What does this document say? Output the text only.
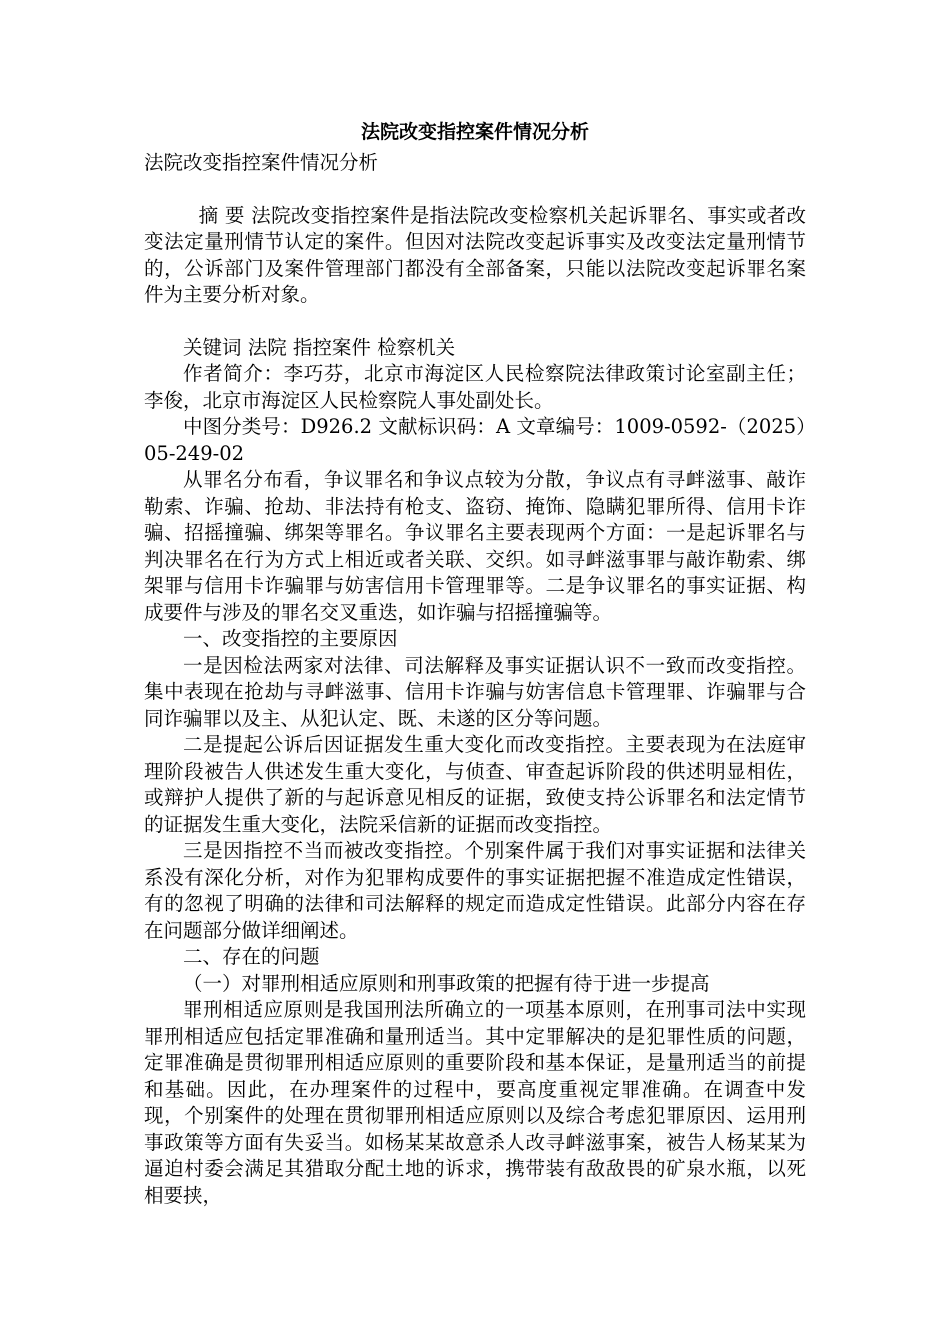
法院改变指控案件情况分析

法院改变指控案件情况分析

摘 要 法院改变指控案件是指法院改变检察机关起诉罪名、事实或者改变法定量刑情节认定的案件。但因对法院改变起诉事实及改变法定量刑情节的，公诉部门及案件管理部门都没有全部备案，只能以法院改变起诉罪名案件为主要分析对象。

关键词 法院 指控案件 检察机关

作者简介：李巧芬，北京市海淀区人民检察院法律政策讨论室副主任；李俊，北京市海淀区人民检察院人事处副处长。

中图分类号：D926.2 文献标识码：A 文章编号：1009-0592-（2025）05-249-02

从罪名分布看，争议罪名和争议点较为分散，争议点有寻衅滋事、敲诈勒索、诈骗、抢劫、非法持有枪支、盗窃、掩饰、隐瞒犯罪所得、信用卡诈骗、招摇撞骗、绑架等罪名。争议罪名主要表现两个方面：一是起诉罪名与判决罪名在行为方式上相近或者关联、交织。如寻衅滋事罪与敲诈勒索、绑架罪与信用卡诈骗罪与妨害信用卡管理罪等。二是争议罪名的事实证据、构成要件与涉及的罪名交叉重迭，如诈骗与招摇撞骗等。

一、改变指控的主要原因

一是因检法两家对法律、司法解释及事实证据认识不一致而改变指控。集中表现在抢劫与寻衅滋事、信用卡诈骗与妨害信息卡管理罪、诈骗罪与合同诈骗罪以及主、从犯认定、既、未遂的区分等问题。

二是提起公诉后因证据发生重大变化而改变指控。主要表现为在法庭审理阶段被告人供述发生重大变化，与侦查、审查起诉阶段的供述明显相佐，或辩护人提供了新的与起诉意见相反的证据，致使支持公诉罪名和法定情节的证据发生重大变化，法院采信新的证据而改变指控。

三是因指控不当而被改变指控。个别案件属于我们对事实证据和法律关系没有深化分析，对作为犯罪构成要件的事实证据把握不准造成定性错误，有的忽视了明确的法律和司法解释的规定而造成定性错误。此部分内容在存在问题部分做详细阐述。

二、存在的问题

（一）对罪刑相适应原则和刑事政策的把握有待于进一步提高

罪刑相适应原则是我国刑法所确立的一项基本原则，在刑事司法中实现罪刑相适应包括定罪准确和量刑适当。其中定罪解决的是犯罪性质的问题，定罪准确是贯彻罪刑相适应原则的重要阶段和基本保证，是量刑适当的前提和基础。因此，在办理案件的过程中，要高度重视定罪准确。在调查中发现，个别案件的处理在贯彻罪刑相适应原则以及综合考虑犯罪原因、运用刑事政策等方面有失妥当。如杨某某故意杀人改寻衅滋事案，被告人杨某某为逼迫村委会满足其猎取分配土地的诉求，携带装有敌敌畏的矿泉水瓶，以死相要挟，
